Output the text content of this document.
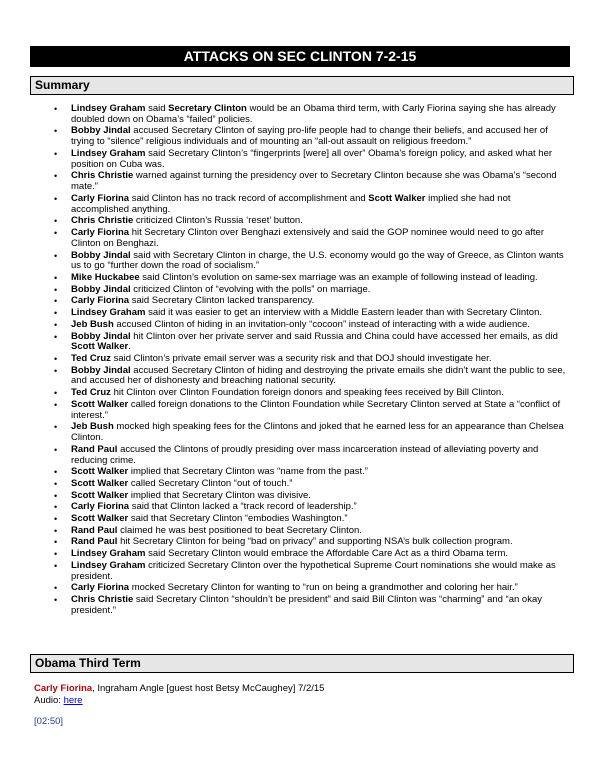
ATTACKS ON SEC CLINTON 7-2-15
Summary
• Lindsey Graham said Secretary Clinton would be an Obama third term, with Carly Fiorina saying she has already doubled down on Obama’s “failed” policies.
• Bobby Jindal accused Secretary Clinton of saying pro-life people had to change their beliefs, and accused her of trying to “silence” religious individuals and of mounting an “all-out assault on religious freedom.”
• Lindsey Graham said Secretary Clinton’s “fingerprints [were] all over” Obama’s foreign policy, and asked what her position on Cuba was.
• Chris Christie warned against turning the presidency over to Secretary Clinton because she was Obama’s “second mate.”
• Carly Fiorina said Clinton has no track record of accomplishment and Scott Walker implied she had not accomplished anything.
• Chris Christie criticized Clinton’s Russia ‘reset’ button.
• Carly Fiorina hit Secretary Clinton over Benghazi extensively and said the GOP nominee would need to go after Clinton on Benghazi.
• Bobby Jindal said with Secretary Clinton in charge, the U.S. economy would go the way of Greece, as Clinton wants us to go “further down the road of socialism.”
• Mike Huckabee said Clinton’s evolution on same-sex marriage was an example of following instead of leading.
• Bobby Jindal criticized Clinton of “evolving with the polls” on marriage.
• Carly Fiorina said Secretary Clinton lacked transparency.
• Lindsey Graham said it was easier to get an interview with a Middle Eastern leader than with Secretary Clinton.
• Jeb Bush accused Clinton of hiding in an invitation-only “cocoon” instead of interacting with a wide audience.
• Bobby Jindal hit Clinton over her private server and said Russia and China could have accessed her emails, as did Scott Walker.
• Ted Cruz said Clinton’s private email server was a security risk and that DOJ should investigate her.
• Bobby Jindal accused Secretary Clinton of hiding and destroying the private emails she didn’t want the public to see, and accused her of dishonesty and breaching national security.
• Ted Cruz hit Clinton over Clinton Foundation foreign donors and speaking fees received by Bill Clinton.
• Scott Walker called foreign donations to the Clinton Foundation while Secretary Clinton served at State a “conflict of interest.”
• Jeb Bush mocked high speaking fees for the Clintons and joked that he earned less for an appearance than Chelsea Clinton.
• Rand Paul accused the Clintons of proudly presiding over mass incarceration instead of alleviating poverty and reducing crime.
• Scott Walker implied that Secretary Clinton was “name from the past.”
• Scott Walker called Secretary Clinton “out of touch.”
• Scott Walker implied that Secretary Clinton was divisive.
• Carly Fiorina said that Clinton lacked a “track record of leadership.”
• Scott Walker said that Secretary Clinton “embodies Washington.”
• Rand Paul claimed he was best positioned to beat Secretary Clinton.
• Rand Paul hit Secretary Clinton for being “bad on privacy” and supporting NSA’s bulk collection program.
• Lindsey Graham said Secretary Clinton would embrace the Affordable Care Act as a third Obama term.
• Lindsey Graham criticized Secretary Clinton over the hypothetical Supreme Court nominations she would make as president.
• Carly Fiorina mocked Secretary Clinton for wanting to “run on being a grandmother and coloring her hair.”
• Chris Christie said Secretary Clinton “shouldn’t be president” and said Bill Clinton was “charming” and “an okay president.”
Obama Third Term
Carly Fiorina, Ingraham Angle [guest host Betsy McCaughey] 7/2/15
Audio: here
[02:50]
